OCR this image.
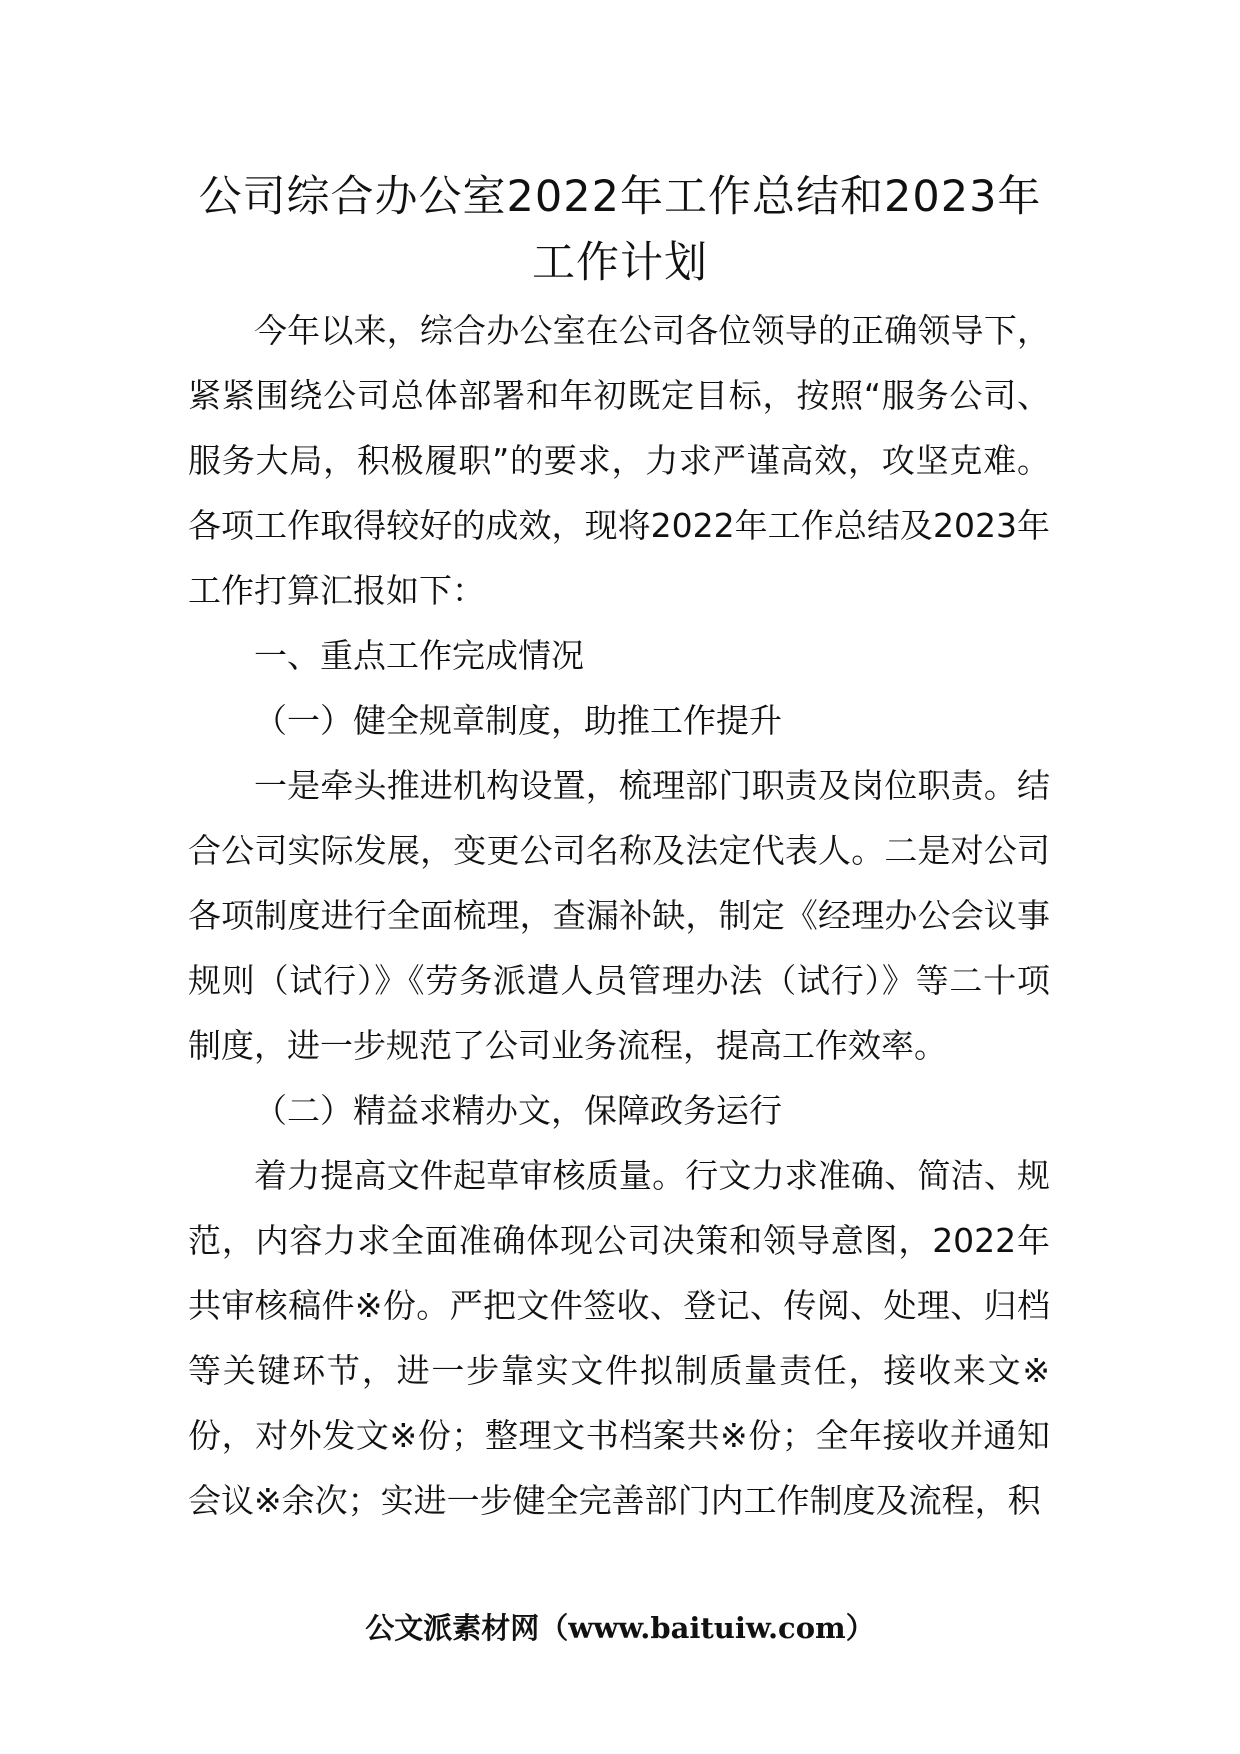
公司综合办公室2022年工作总结和2023年
工作计划

今年以来，综合办公室在公司各位领导的正确领导下，紧紧围绕公司总体部署和年初既定目标，按照“服务公司、服务大局，积极履职”的要求，力求严谨高效，攻坚克难。各项工作取得较好的成效，现将2022年工作总结及2023年工作打算汇报如下：

一、重点工作完成情况

（一）健全规章制度，助推工作提升

一是牵头推进机构设置，梳理部门职责及岗位职责。结合公司实际发展，变更公司名称及法定代表人。二是对公司各项制度进行全面梳理，查漏补缺，制定《经理办公会议事规则（试行）》《劳务派遣人员管理办法（试行）》等二十项制度，进一步规范了公司业务流程，提高工作效率。

（二）精益求精办文，保障政务运行

着力提高文件起草审核质量。行文力求准确、简洁、规范，内容力求全面准确体现公司决策和领导意图，2022年共审核稿件※份。严把文件签收、登记、传阅、处理、归档等关键环节，进一步靠实文件拟制质量责任，接收来文※份，对外发文※份；整理文书档案共※份；全年接收并通知会议※余次；实进一步健全完善部门内工作制度及流程，积

公文派素材网（www.baituiw.com）
